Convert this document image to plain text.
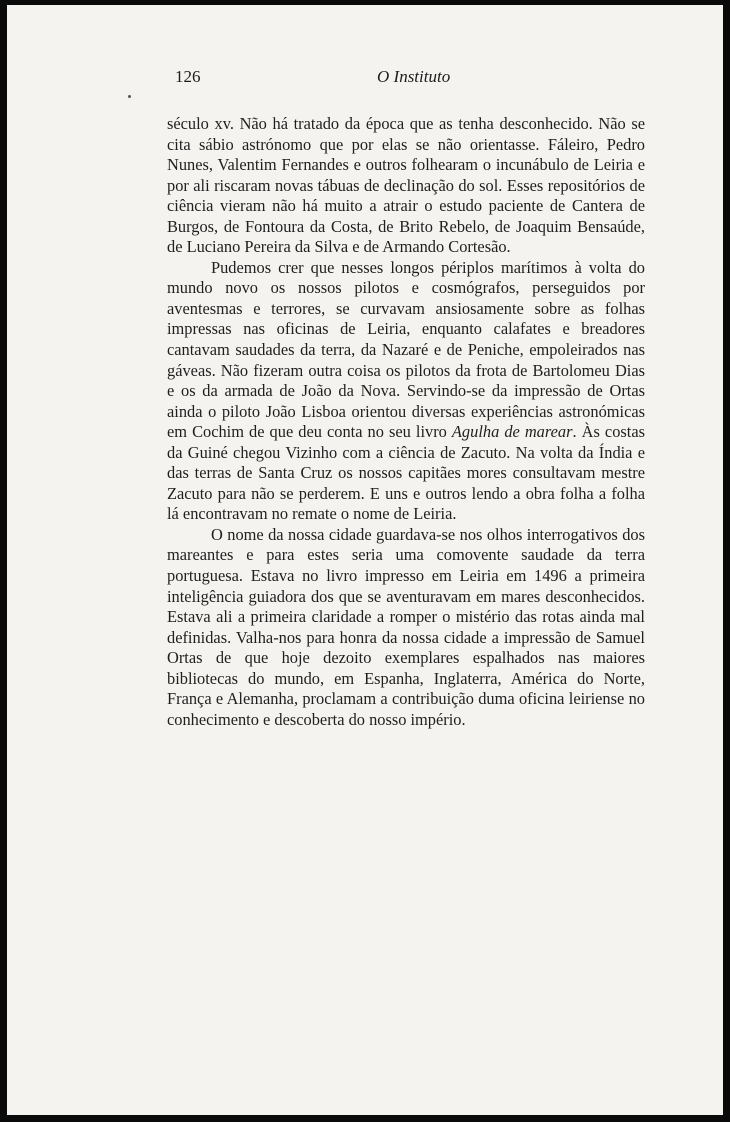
126	O Instituto

século xv. Não há tratado da época que as tenha desconhecido. Não se cita sábio astrónomo que por elas se não orientasse. Fáleiro, Pedro Nunes, Valentim Fernandes e outros folhearam o incunábulo de Leiria e por ali riscaram novas tábuas de declinação do sol. Esses repositórios de ciência vieram não há muito a atrair o estudo paciente de Cantera de Burgos, de Fontoura da Costa, de Brito Rebelo, de Joaquim Bensaúde, de Luciano Pereira da Silva e de Armando Cortesão.

Pudemos crer que nesses longos périplos marítimos à volta do mundo novo os nossos pilotos e cosmógrafos, perseguidos por aventesmas e terrores, se curvavam ansiosamente sobre as folhas impressas nas oficinas de Leiria, enquanto calafates e breadores cantavam saudades da terra, da Nazaré e de Peniche, empoleirados nas gáveas. Não fizeram outra coisa os pilotos da frota de Bartolomeu Dias e os da armada de João da Nova. Servindo-se da impressão de Ortas ainda o piloto João Lisboa orientou diversas experiências astronómicas em Cochim de que deu conta no seu livro Agulha de marear. Às costas da Guiné chegou Vizinho com a ciência de Zacuto. Na volta da Índia e das terras de Santa Cruz os nossos capitães mores consultavam mestre Zacuto para não se perderem. E uns e outros lendo a obra folha a folha lá encontravam no remate o nome de Leiria.

O nome da nossa cidade guardava-se nos olhos interrogativos dos mareantes e para estes seria uma comovente saudade da terra portuguesa. Estava no livro impresso em Leiria em 1496 a primeira inteligência guiadora dos que se aventuravam em mares desconhecidos. Estava ali a primeira claridade a romper o mistério das rotas ainda mal definidas. Valha-nos para honra da nossa cidade a impressão de Samuel Ortas de que hoje dezoito exemplares espalhados nas maiores bibliotecas do mundo, em Espanha, Inglaterra, América do Norte, França e Alemanha, proclamam a contribuição duma oficina leiriense no conhecimento e descoberta do nosso império.
